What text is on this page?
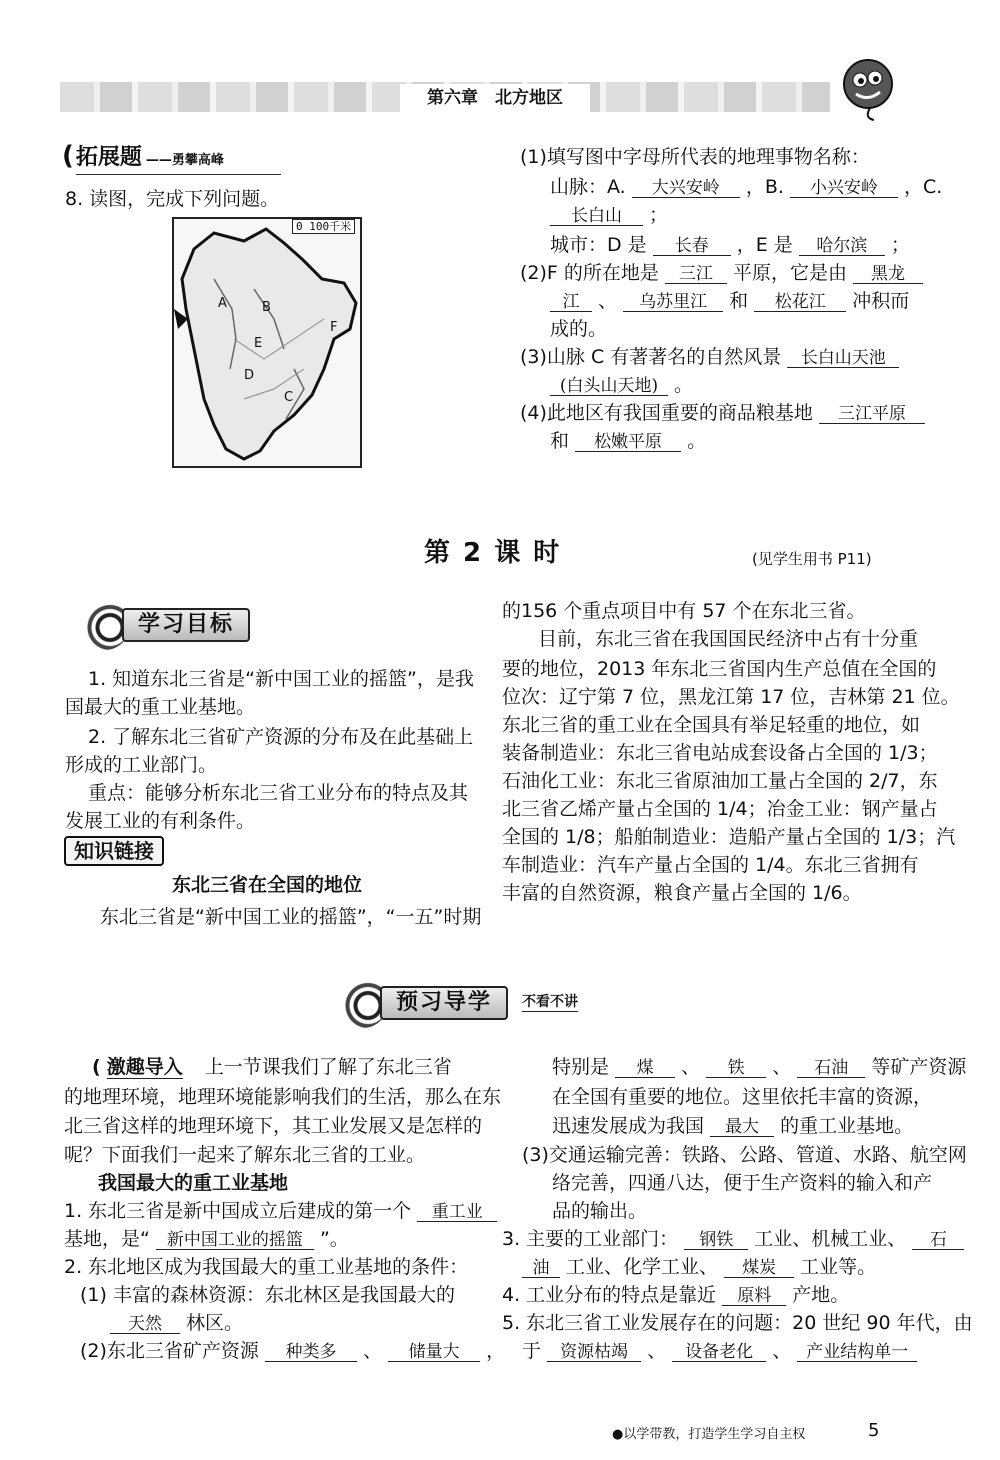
第六章　北方地区
( 拓展题 ——勇攀高峰
8. 读图，完成下列问题。
A	B
C
D
E
F
0 100千米
(1)填写图中字母所代表的地理事物名称：
山脉：A. 大兴安岭 ，B. 小兴安岭 ，C.
长白山 ；
城市：D 是 长春 ，E 是 哈尔滨 ；
(2)F 的所在地是 三江 平原，它是由 黑龙
江 、 乌苏里江 和 松花江 冲积而
成的。
(3)山脉 C 有著著名的自然风景 长白山天池
(白头山天地) 。
(4)此地区有我国重要的商品粮基地 三江平原
和 松嫩平原 。
第 2 课 时	(见学生用书 P11)
学习目标
1. 知道东北三省是“新中国工业的摇篮”，是我
国最大的重工业基地。
2. 了解东北三省矿产资源的分布及在此基础上
形成的工业部门。
重点：能够分析东北三省工业分布的特点及其
发展工业的有利条件。
知识链接
东北三省在全国的地位
东北三省是“新中国工业的摇篮”，“一五”时期
的156 个重点项目中有 57 个在东北三省。
目前，东北三省在我国国民经济中占有十分重
要的地位，2013 年东北三省国内生产总值在全国的
位次：辽宁第 7 位，黑龙江第 17 位，吉林第 21 位。
东北三省的重工业在全国具有举足轻重的地位，如
装备制造业：东北三省电站成套设备占全国的 1/3；
石油化工业：东北三省原油加工量占全国的 2/7，东
北三省乙烯产量占全国的 1/4；冶金工业：钢产量占
全国的 1/8；船舶制造业：造船产量占全国的 1/3；汽
车制造业：汽车产量占全国的 1/4。东北三省拥有
丰富的自然资源，粮食产量占全国的 1/6。
预习导学	不看不讲
( 激趣导入 上一节课我们了解了东北三省
的地理环境，地理环境能影响我们的生活，那么在东
北三省这样的地理环境下，其工业发展又是怎样的
呢？下面我们一起来了解东北三省的工业。
我国最大的重工业基地
1. 东北三省是新中国成立后建成的第一个 重工业
基地，是“ 新中国工业的摇篮 ”。
2. 东北地区成为我国最大的重工业基地的条件：
(1) 丰富的森林资源：东北林区是我国最大的
天然 林区。
(2)东北三省矿产资源 种类多 、 储量大 ，
特别是 煤 、 铁 、 石油 等矿产资源
在全国有重要的地位。这里依托丰富的资源，
迅速发展成为我国 最大 的重工业基地。
(3)交通运输完善：铁路、公路、管道、水路、航空网
络完善，四通八达，便于生产资料的输入和产
品的输出。
3. 主要的工业部门： 钢铁 工业、机械工业、 石
油 工业、化学工业、 煤炭 工业等。
4. 工业分布的特点是靠近 原料 产地。
5. 东北三省工业发展存在的问题：20 世纪 90 年代，由
于 资源枯竭 、 设备老化 、 产业结构单一
●以学带教，打造学生学习自主权	5
